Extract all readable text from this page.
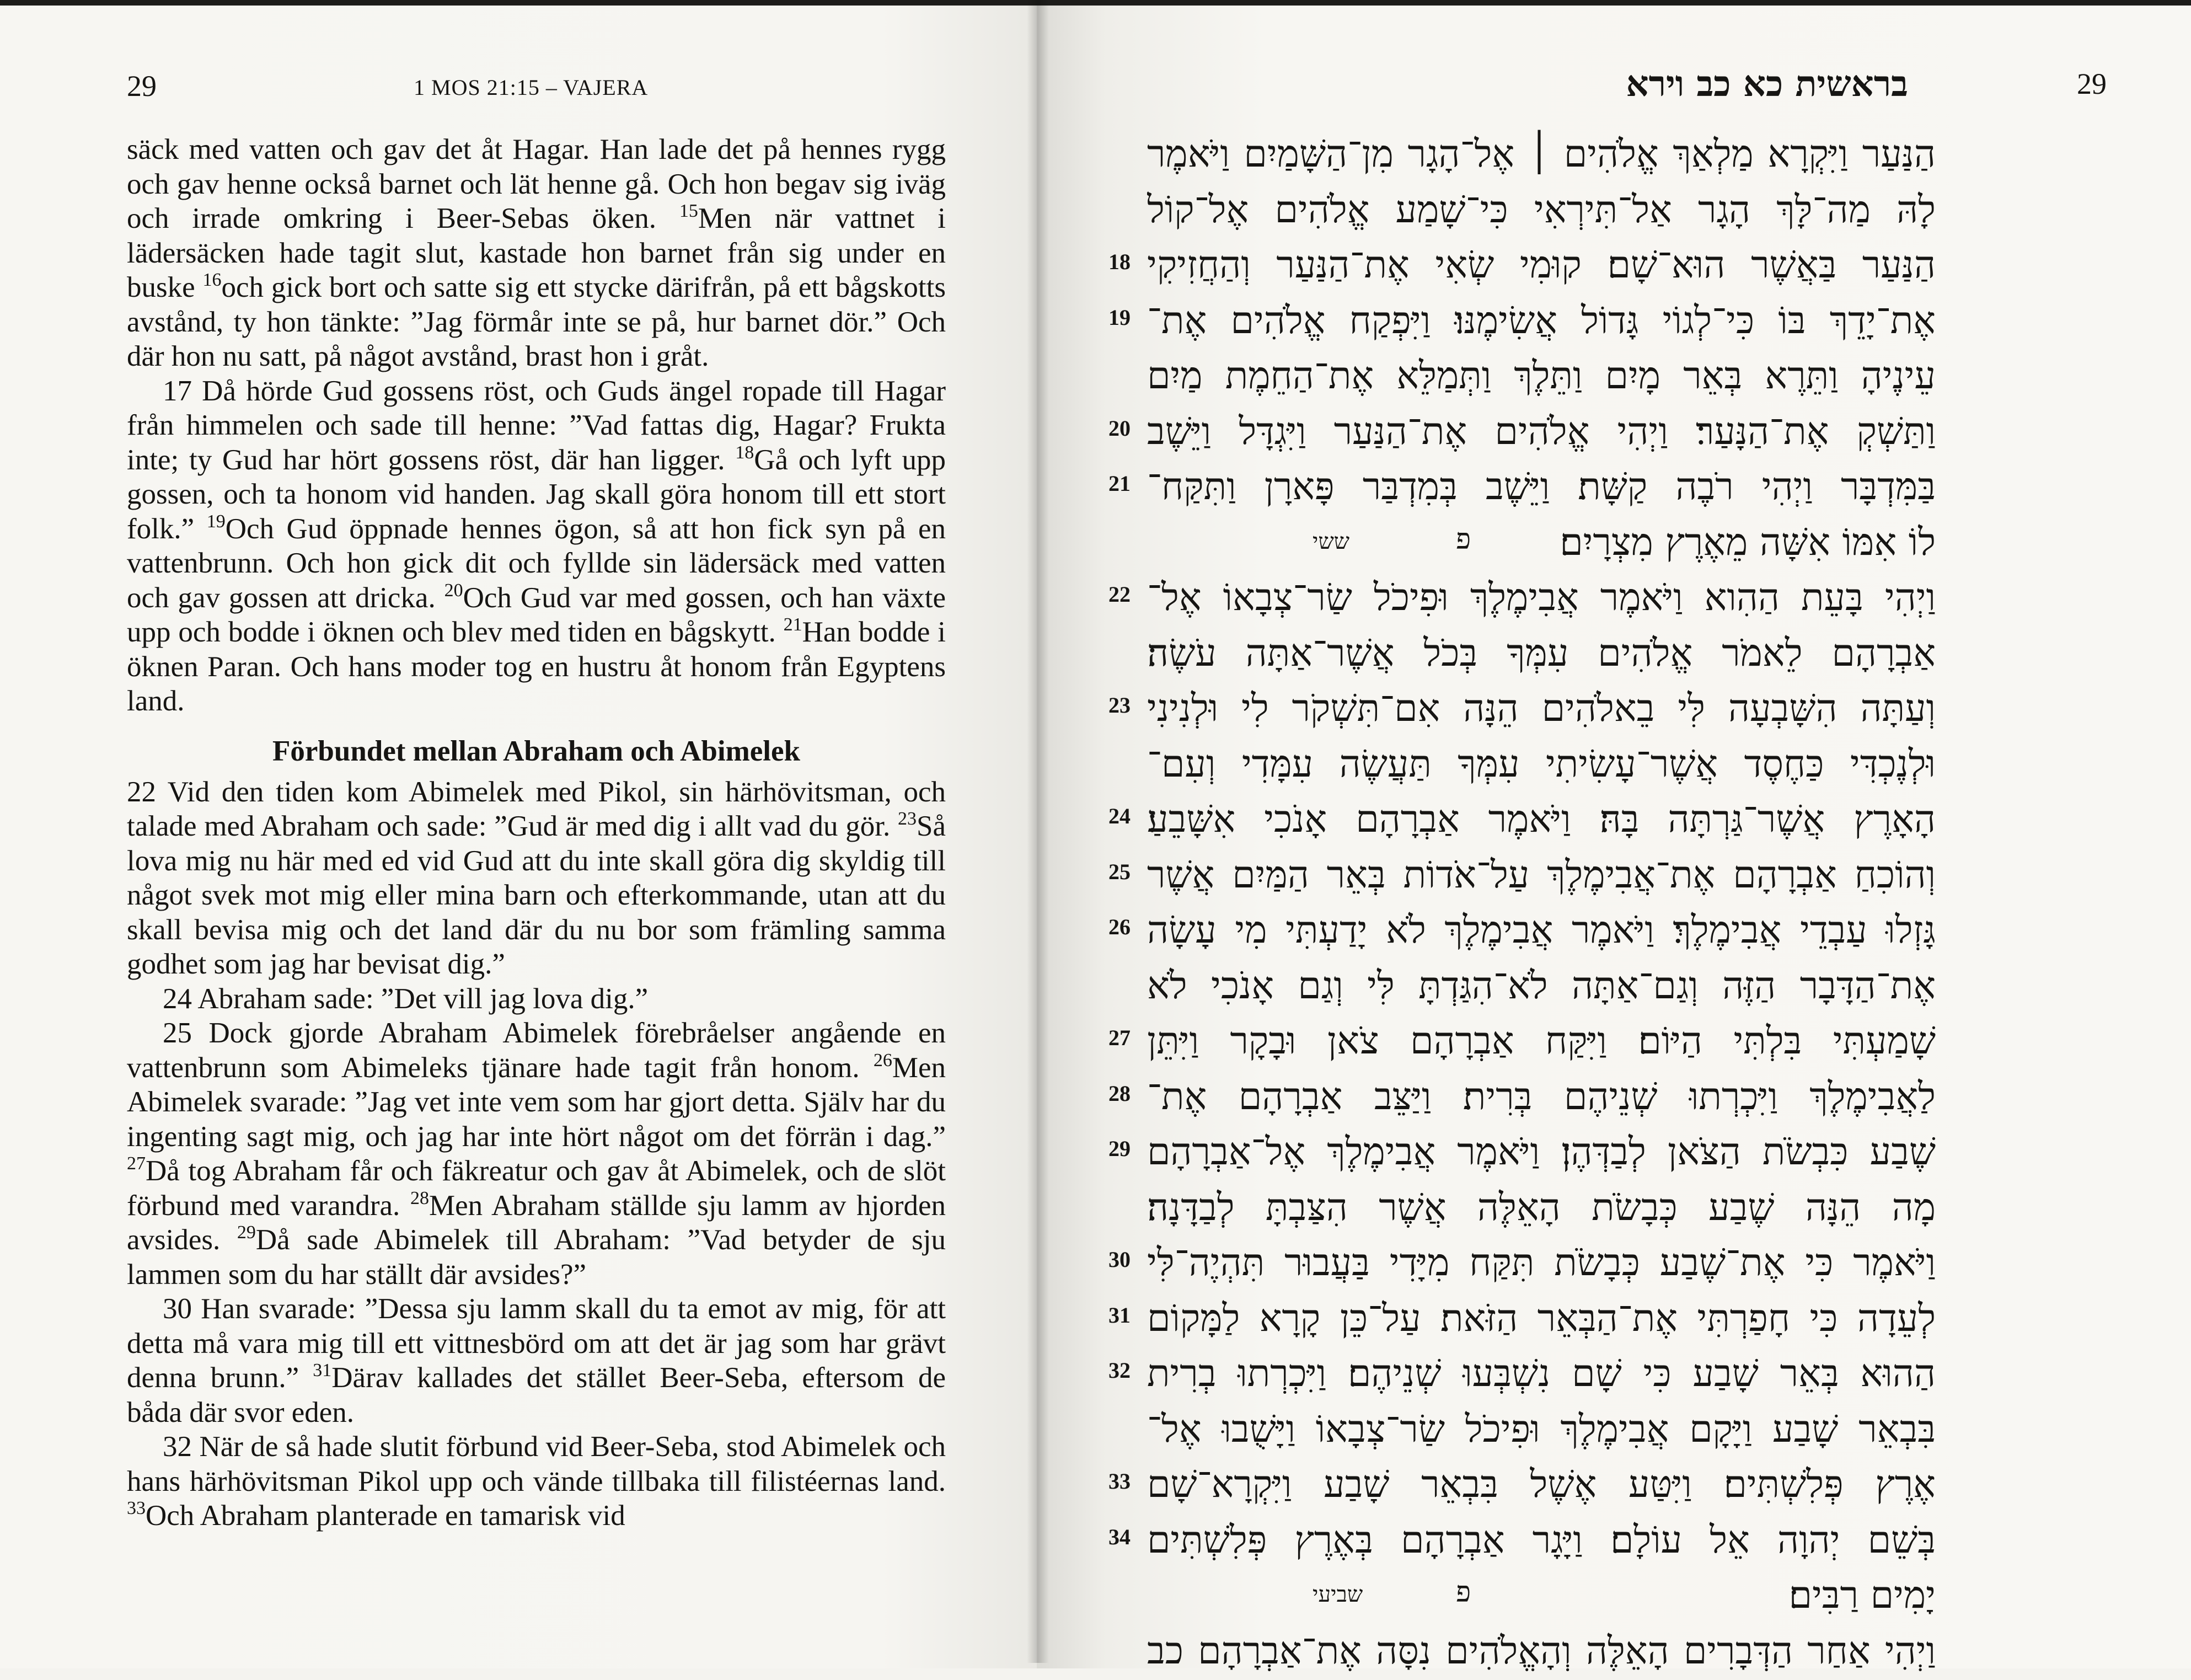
29	1 MOS 21:15 – VAJERA

säck med vatten och gav det åt Hagar. Han lade det på hennes rygg och gav henne också barnet och lät henne gå. Och hon begav sig iväg och irrade omkring i Beer-Sebas öken. $^{15}$Men när vattnet i lädersäcken hade tagit slut, kastade hon barnet från sig under en buske $^{16}$och gick bort och satte sig ett stycke därifrån, på ett bågskotts avstånd, ty hon tänkte: ”Jag förmår inte se på, hur barnet dör.” Och där hon nu satt, på något avstånd, brast hon i gråt.

17 Då hörde Gud gossens röst, och Guds ängel ropade till Hagar från himmelen och sade till henne: ”Vad fattas dig, Hagar? Frukta inte; ty Gud har hört gossens röst, där han ligger. $^{18}$Gå och lyft upp gossen, och ta honom vid handen. Jag skall göra honom till ett stort folk.” $^{19}$Och Gud öppnade hennes ögon, så att hon fick syn på en vattenbrunn. Och hon gick dit och fyllde sin lädersäck med vatten och gav gossen att dricka. $^{20}$Och Gud var med gossen, och han växte upp och bodde i öknen och blev med tiden en bågskytt. $^{21}$Han bodde i öknen Paran. Och hans moder tog en hustru åt honom från Egyptens land.

Förbundet mellan Abraham och Abimelek

22 Vid den tiden kom Abimelek med Pikol, sin härhövitsman, och talade med Abraham och sade: ”Gud är med dig i allt vad du gör. $^{23}$Så lova mig nu här med ed vid Gud att du inte skall göra dig skyldig till något svek mot mig eller mina barn och efterkommande, utan att du skall bevisa mig och det land där du nu bor som främling samma godhet som jag har bevisat dig.”

24 Abraham sade: ”Det vill jag lova dig.”

25 Dock gjorde Abraham Abimelek förebråelser angående en vattenbrunn som Abimeleks tjänare hade tagit från honom. $^{26}$Men Abimelek svarade: ”Jag vet inte vem som har gjort detta. Själv har du ingenting sagt mig, och jag har inte hört något om det förrän i dag.” $^{27}$Då tog Abraham får och fäkreatur och gav åt Abimelek, och de slöt förbund med varandra. $^{28}$Men Abraham ställde sju lamm av hjorden avsides. $^{29}$Då sade Abimelek till Abraham: ”Vad betyder de sju lammen som du har ställt där avsides?”

30 Han svarade: ”Dessa sju lamm skall du ta emot av mig, för att detta må vara mig till ett vittnesbörd om att det är jag som har grävt denna brunn.” $^{31}$Därav kallades det stället Beer-Seba, eftersom de båda där svor eden.

32 När de så hade slutit förbund vid Beer-Seba, stod Abimelek och hans härhövitsman Pikol upp och vände tillbaka till filistéernas land. $^{33}$Och Abraham planterade en tamarisk vid

בראשית כא כב וירא	29
הַנַּעַר וַיִּקְרָא מַלְאַךְ אֱלֹהִים ׀ אֶל־הָגָר מִן־הַשָּׁמַיִם וַיֹּאמֶר
לָהּ מַה־לָּךְ הָגָר אַל־תִּירְאִי כִּי־שָׁמַע אֱלֹהִים אֶל־קוֹל
הַנַּעַר בַּאֲשֶׁר הוּא־שָׁם׃ קוּמִי שְׂאִי אֶת־הַנַּעַר וְהַחֲזִיקִי
18
אֶת־יָדֵךְ בּוֹ כִּי־לְגוֹי גָּדוֹל אֲשִׂימֶנּוּ׃ וַיִּפְקַח אֱלֹהִים אֶת־
19
עֵינֶיהָ וַתֵּרֶא בְּאֵר מָיִם וַתֵּלֶךְ וַתְּמַלֵּא אֶת־הַחֵמֶת מַיִם
וַתַּשְׁקְ אֶת־הַנָּעַר׃ וַיְהִי אֱלֹהִים אֶת־הַנַּעַר וַיִּגְדָּל וַיֵּשֶׁב
20
בַּמִּדְבָּר וַיְהִי רֹבֶה קַשָּׁת׃ וַיֵּשֶׁב בְּמִדְבַּר פָּארָן וַתִּקַּח־
21
לוֹ אִמּוֹ אִשָּׁה מֵאֶרֶץ מִצְרָיִם׃
פ
ששי
וַיְהִי בָּעֵת הַהִוא וַיֹּאמֶר אֲבִימֶלֶךְ וּפִיכֹל שַׂר־צְבָאוֹ אֶל־
22
אַבְרָהָם לֵאמֹר אֱלֹהִים עִמְּךָ בְּכֹל אֲשֶׁר־אַתָּה עֹשֶׂה׃
וְעַתָּה הִשָּׁבְעָה לִּי בֵאלֹהִים הֵנָּה אִם־תִּשְׁקֹר לִי וּלְנִינִי
23
וּלְנֶכְדִּי כַּחֶסֶד אֲשֶׁר־עָשִׂיתִי עִמְּךָ תַּעֲשֶׂה עִמָּדִי וְעִם־
הָאָרֶץ אֲשֶׁר־גַּרְתָּה בָּהּ׃ וַיֹּאמֶר אַבְרָהָם אָנֹכִי אִשָּׁבֵעַ׃
24
וְהוֹכִחַ אַבְרָהָם אֶת־אֲבִימֶלֶךְ עַל־אֹדוֹת בְּאֵר הַמַּיִם אֲשֶׁר
25
גָּזְלוּ עַבְדֵי אֲבִימֶלֶךְ׃ וַיֹּאמֶר אֲבִימֶלֶךְ לֹא יָדַעְתִּי מִי עָשָׂה
26
אֶת־הַדָּבָר הַזֶּה וְגַם־אַתָּה לֹא־הִגַּדְתָּ לִּי וְגַם אָנֹכִי לֹא
שָׁמַעְתִּי בִּלְתִּי הַיּוֹם׃ וַיִּקַּח אַבְרָהָם צֹאן וּבָקָר וַיִּתֵּן
27
לַאֲבִימֶלֶךְ וַיִּכְרְתוּ שְׁנֵיהֶם בְּרִית׃ וַיַּצֵּב אַבְרָהָם אֶת־
28
שֶׁבַע כִּבְשֹׂת הַצֹּאן לְבַדְּהֶן׃ וַיֹּאמֶר אֲבִימֶלֶךְ אֶל־אַבְרָהָם
29
מָה הֵנָּה שֶׁבַע כְּבָשֹׂת הָאֵלֶּה אֲשֶׁר הִצַּבְתָּ לְבַדָּנָה׃
וַיֹּאמֶר כִּי אֶת־שֶׁבַע כְּבָשֹׂת תִּקַּח מִיָּדִי בַּעֲבוּר תִּהְיֶה־לִּי
30
לְעֵדָה כִּי חָפַרְתִּי אֶת־הַבְּאֵר הַזֹּאת׃ עַל־כֵּן קָרָא לַמָּקוֹם
31
הַהוּא בְּאֵר שָׁבַע כִּי שָׁם נִשְׁבְּעוּ שְׁנֵיהֶם׃ וַיִּכְרְתוּ בְרִית
32
בִּבְאֵר שָׁבַע וַיָּקָם אֲבִימֶלֶךְ וּפִיכֹל שַׂר־צְבָאוֹ וַיָּשֻׁבוּ אֶל־
אֶרֶץ פְּלִשְׁתִּים׃ וַיִּטַּע אֶשֶׁל בִּבְאֵר שָׁבַע וַיִּקְרָא־שָׁם
33
בְּשֵׁם יְהוָה אֵל עוֹלָם׃ וַיָּגָר אַבְרָהָם בְּאֶרֶץ פְּלִשְׁתִּים
34
יָמִים רַבִּים׃
פ
שביעי
וַיְהִי אַחַר הַדְּבָרִים הָאֵלֶּה וְהָאֱלֹהִים נִסָּה אֶת־אַבְרָהָם כב
